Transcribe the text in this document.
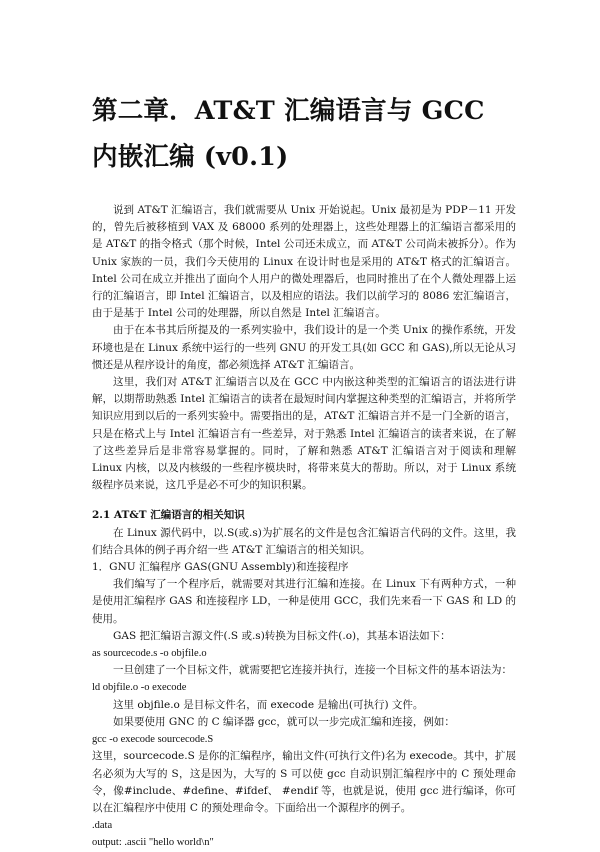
第二章．AT&T 汇编语言与 GCC 内嵌汇编 (v0.1)

说到 AT&T 汇编语言，我们就需要从 Unix 开始说起。Unix 最初是为 PDP－11 开发的，曾先后被移植到 VAX 及 68000 系列的处理器上，这些处理器上的汇编语言都采用的是 AT&T 的指令格式（那个时候，Intel 公司还未成立，而 AT&T 公司尚未被拆分）。作为 Unix 家族的一员，我们今天使用的 Linux 在设计时也是采用的 AT&T 格式的汇编语言。Intel 公司在成立并推出了面向个人用户的微处理器后，也同时推出了在个人微处理器上运行的汇编语言，即 Intel 汇编语言，以及相应的语法。我们以前学习的 8086 宏汇编语言，由于是基于 Intel 公司的处理器，所以自然是 Intel 汇编语言。

由于在本书其后所提及的一系列实验中，我们设计的是一个类 Unix 的操作系统，开发环境也是在 Linux 系统中运行的一些列 GNU 的开发工具(如 GCC 和 GAS),所以无论从习惯还是从程序设计的角度，都必须选择 AT&T 汇编语言。

这里，我们对 AT&T 汇编语言以及在 GCC 中内嵌这种类型的汇编语言的语法进行讲解，以期帮助熟悉 Intel 汇编语言的读者在最短时间内掌握这种类型的汇编语言，并将所学知识应用到以后的一系列实验中。需要指出的是，AT&T 汇编语言并不是一门全新的语言，只是在格式上与 Intel 汇编语言有一些差异，对于熟悉 Intel 汇编语言的读者来说，在了解了这些差异后是非常容易掌握的。同时，了解和熟悉 AT&T 汇编语言对于阅读和理解 Linux 内核，以及内核级的一些程序模块时，将带来莫大的帮助。所以，对于 Linux 系统级程序员来说，这几乎是必不可少的知识积累。

2.1 AT&T 汇编语言的相关知识

在 Linux 源代码中，以.S(或.s)为扩展名的文件是包含汇编语言代码的文件。这里，我们结合具体的例子再介绍一些 AT&T 汇编语言的相关知识。

1．GNU 汇编程序 GAS(GNU Assembly)和连接程序

我们编写了一个程序后，就需要对其进行汇编和连接。在 Linux 下有两种方式，一种是使用汇编程序 GAS 和连接程序 LD，一种是使用 GCC，我们先来看一下 GAS 和 LD 的使用。

GAS 把汇编语言源文件(.S 或.s)转换为目标文件(.o)，其基本语法如下：

as sourcecode.s -o objfile.o

一旦创建了一个目标文件，就需要把它连接并执行，连接一个目标文件的基本语法为：

ld objfile.o -o execode

这里 objfile.o 是目标文件名，而 execode 是输出(可执行) 文件。

如果要使用 GNC 的 C 编译器 gcc，就可以一步完成汇编和连接，例如：

gcc -o execode sourcecode.S

这里，sourcecode.S 是你的汇编程序，输出文件(可执行文件)名为 execode。其中，扩展名必须为大写的 S，这是因为，大写的 S 可以使 gcc 自动识别汇编程序中的 C 预处理命令，像#include、#define、#ifdef、 #endif 等，也就是说，使用 gcc 进行编译，你可以在汇编程序中使用 C 的预处理命令。下面给出一个源程序的例子。

.data

output: .ascii "hello world\n"
